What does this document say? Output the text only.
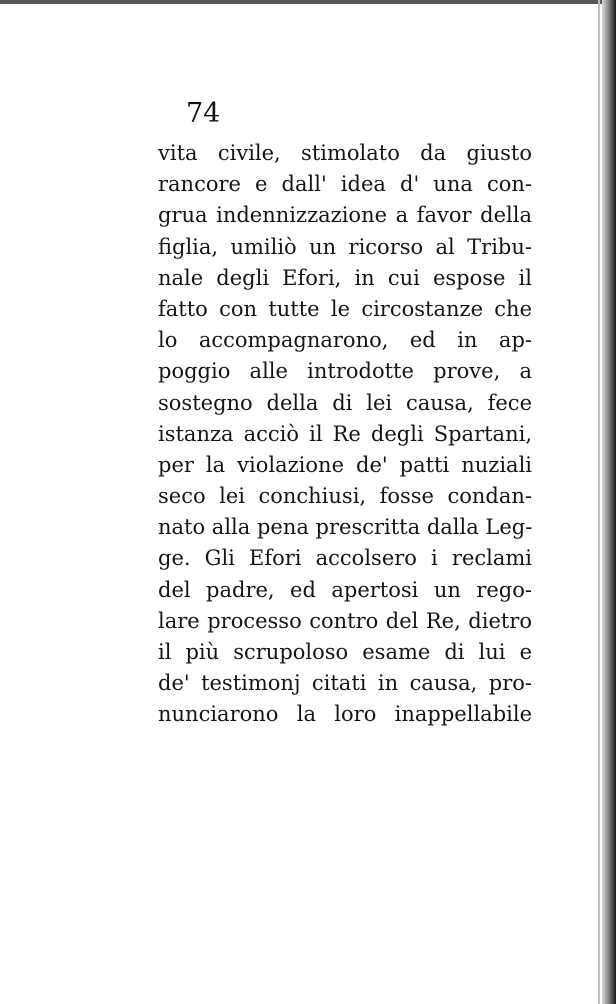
74
vita civile, stimolato da giusto
rancore e dall' idea d' una con-
grua indennizzazione a favor della
figlia, umiliò un ricorso al Tribu-
nale degli Efori, in cui espose il
fatto con tutte le circostanze che
lo accompagnarono, ed in ap-
poggio alle introdotte prove, a
sostegno della di lei causa, fece
istanza acciò il Re degli Spartani,
per la violazione de' patti nuziali
seco lei conchiusi, fosse condan-
nato alla pena prescritta dalla Leg-
ge. Gli Efori accolsero i reclami
del padre, ed apertosi un rego-
lare processo contro del Re, dietro
il più scrupoloso esame di lui e
de' testimonj citati in causa, pro-
nunciarono la loro inappellabile
